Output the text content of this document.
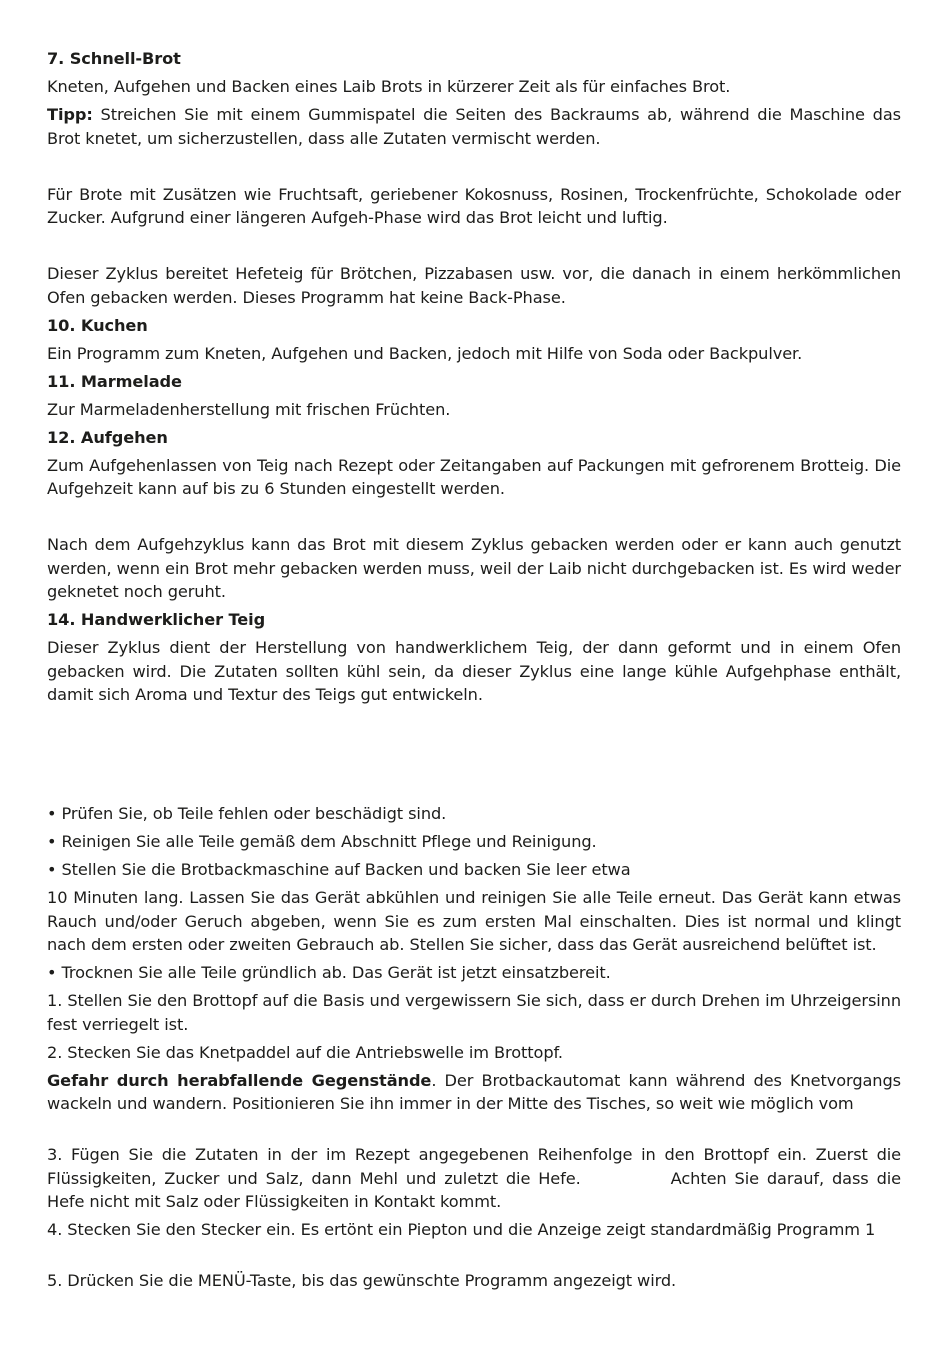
7. Schnell-Brot

Kneten, Aufgehen und Backen eines Laib Brots in kürzerer Zeit als für einfaches Brot.

Tipp: Streichen Sie mit einem Gummispatel die Seiten des Backraums ab, während die Maschine das Brot knetet, um sicherzustellen, dass alle Zutaten vermischt werden.

Für Brote mit Zusätzen wie Fruchtsaft, geriebener Kokosnuss, Rosinen, Trockenfrüchte, Schokolade oder Zucker. Aufgrund einer längeren Aufgeh-Phase wird das Brot leicht und luftig.

Dieser Zyklus bereitet Hefeteig für Brötchen, Pizzabasen usw. vor, die danach in einem herkömmlichen Ofen gebacken werden. Dieses Programm hat keine Back-Phase.

10. Kuchen

Ein Programm zum Kneten, Aufgehen und Backen, jedoch mit Hilfe von Soda oder Backpulver.

11. Marmelade

Zur Marmeladenherstellung mit frischen Früchten.

12. Aufgehen

Zum Aufgehenlassen von Teig nach Rezept oder Zeitangaben auf Packungen mit gefrorenem Brotteig. Die Aufgehzeit kann auf bis zu 6 Stunden eingestellt werden.

Nach dem Aufgehzyklus kann das Brot mit diesem Zyklus gebacken werden oder er kann auch genutzt werden, wenn ein Brot mehr gebacken werden muss, weil der Laib nicht durchgebacken ist. Es wird weder geknetet noch geruht.

14. Handwerklicher Teig

Dieser Zyklus dient der Herstellung von handwerklichem Teig, der dann geformt und in einem Ofen gebacken wird. Die Zutaten sollten kühl sein, da dieser Zyklus eine lange kühle Aufgehphase enthält, damit sich Aroma und Textur des Teigs gut entwickeln.

• Prüfen Sie, ob Teile fehlen oder beschädigt sind.

• Reinigen Sie alle Teile gemäß dem Abschnitt Pflege und Reinigung.

• Stellen Sie die Brotbackmaschine auf Backen und backen Sie leer etwa

10 Minuten lang. Lassen Sie das Gerät abkühlen und reinigen Sie alle Teile erneut. Das Gerät kann etwas Rauch und/oder Geruch abgeben, wenn Sie es zum ersten Mal einschalten. Dies ist normal und klingt nach dem ersten oder zweiten Gebrauch ab. Stellen Sie sicher, dass das Gerät ausreichend belüftet ist.

• Trocknen Sie alle Teile gründlich ab. Das Gerät ist jetzt einsatzbereit.

1. Stellen Sie den Brottopf auf die Basis und vergewissern Sie sich, dass er durch Drehen im Uhrzeigersinn fest verriegelt ist.

2. Stecken Sie das Knetpaddel auf die Antriebswelle im Brottopf.

Gefahr durch herabfallende Gegenstände. Der Brotbackautomat kann während des Knetvorgangs wackeln und wandern. Positionieren Sie ihn immer in der Mitte des Tisches, so weit wie möglich vom

3. Fügen Sie die Zutaten in der im Rezept angegebenen Reihenfolge in den Brottopf ein. Zuerst die Flüssigkeiten, Zucker und Salz, dann Mehl und zuletzt die Hefe.	Achten Sie darauf, dass die Hefe nicht mit Salz oder Flüssigkeiten in Kontakt kommt.

4. Stecken Sie den Stecker ein. Es ertönt ein Piepton und die Anzeige zeigt standardmäßig Programm 1

5. Drücken Sie die MENÜ-Taste, bis das gewünschte Programm angezeigt wird.
